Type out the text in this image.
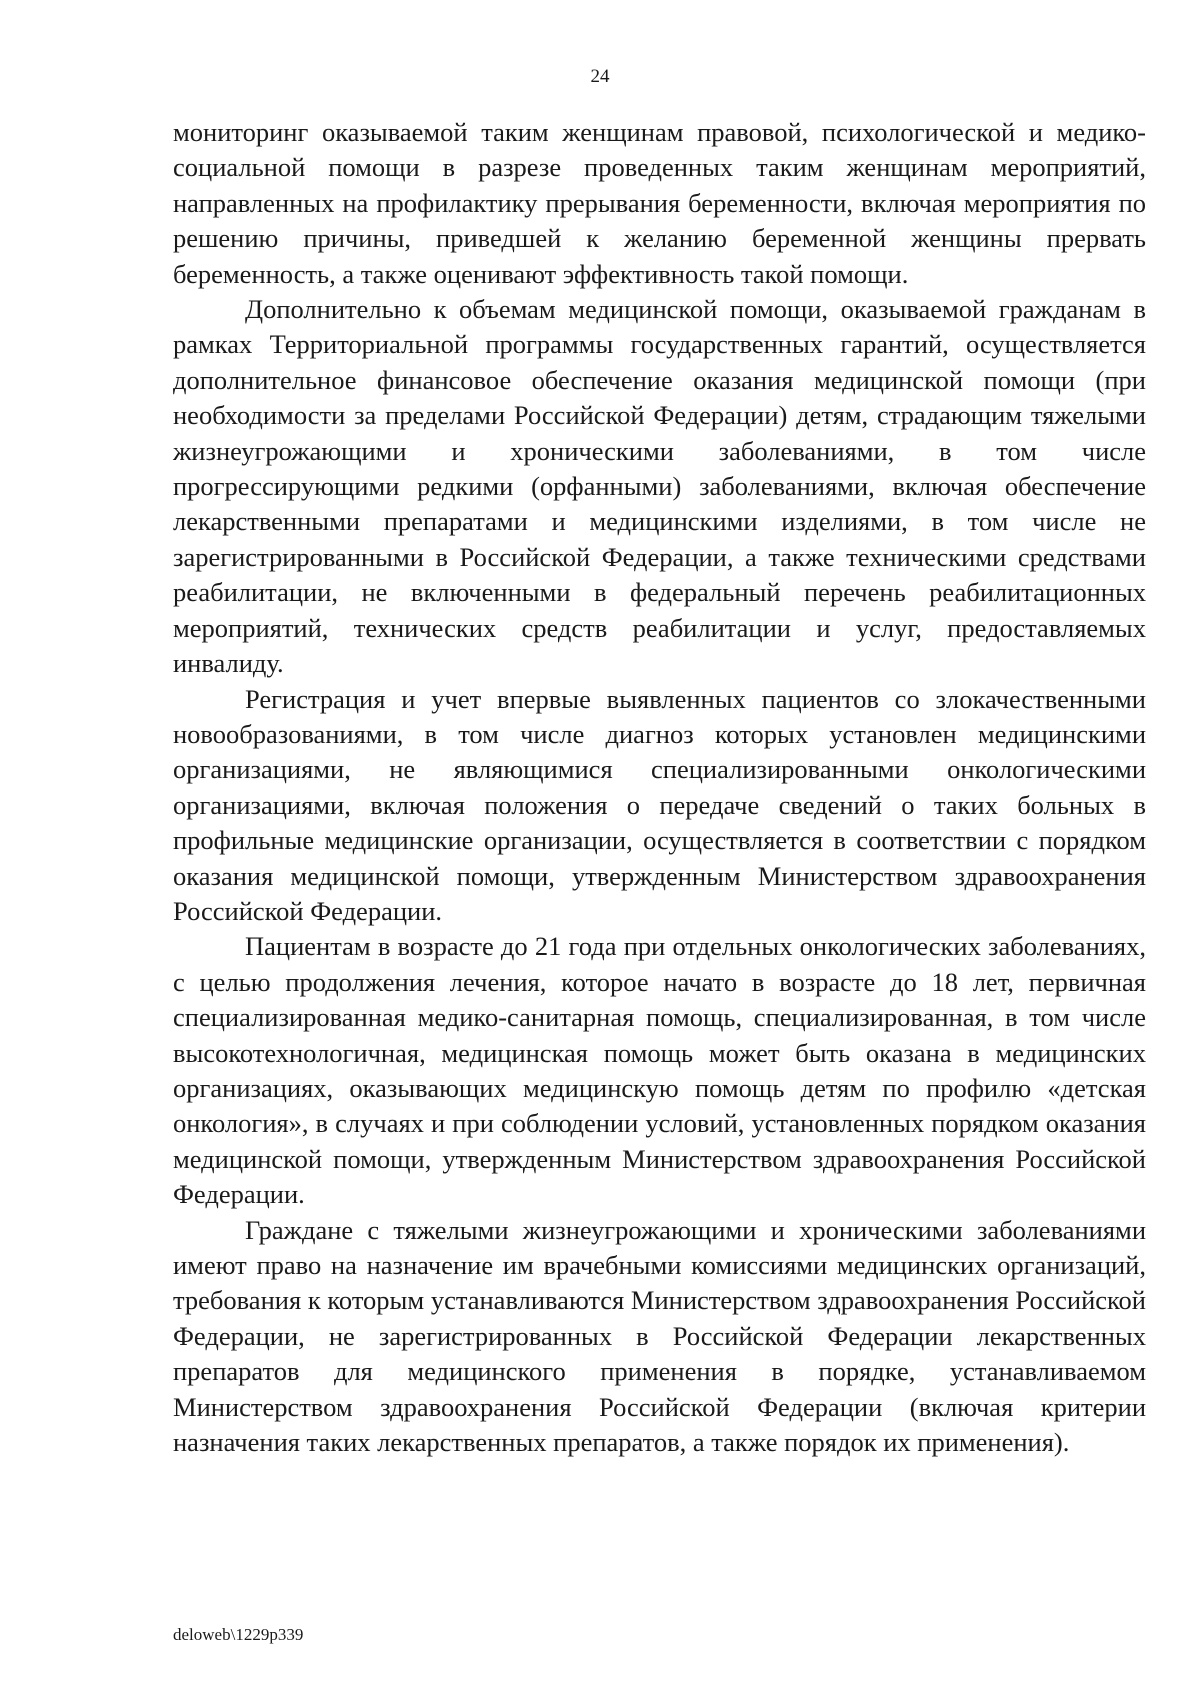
24

мониторинг оказываемой таким женщинам правовой, психологической и медико-социальной помощи в разрезе проведенных таким женщинам мероприятий, направленных на профилактику прерывания беременности, включая мероприятия по решению причины, приведшей к желанию беременной женщины прервать беременность, а также оценивают эффективность такой помощи.

Дополнительно к объемам медицинской помощи, оказываемой гражданам в рамках Территориальной программы государственных гарантий, осуществляется дополнительное финансовое обеспечение оказания медицинской помощи (при необходимости за пределами Российской Федерации) детям, страдающим тяжелыми жизнеугрожающими и хроническими заболеваниями, в том числе прогрессирующими редкими (орфанными) заболеваниями, включая обеспечение лекарственными препаратами и медицинскими изделиями, в том числе не зарегистрированными в Российской Федерации, а также техническими средствами реабилитации, не включенными в федеральный перечень реабилитационных мероприятий, технических средств реабилитации и услуг, предоставляемых инвалиду.

Регистрация и учет впервые выявленных пациентов со злокачественными новообразованиями, в том числе диагноз которых установлен медицинскими организациями, не являющимися специализированными онкологическими организациями, включая положения о передаче сведений о таких больных в профильные медицинские организации, осуществляется в соответствии с порядком оказания медицинской помощи, утвержденным Министерством здравоохранения Российской Федерации.

Пациентам в возрасте до 21 года при отдельных онкологических заболеваниях, с целью продолжения лечения, которое начато в возрасте до 18 лет, первичная специализированная медико-санитарная помощь, специализированная, в том числе высокотехнологичная, медицинская помощь может быть оказана в медицинских организациях, оказывающих медицинскую помощь детям по профилю «детская онкология», в случаях и при соблюдении условий, установленных порядком оказания медицинской помощи, утвержденным Министерством здравоохранения Российской Федерации.

Граждане с тяжелыми жизнеугрожающими и хроническими заболеваниями имеют право на назначение им врачебными комиссиями медицинских организаций, требования к которым устанавливаются Министерством здравоохранения Российской Федерации, не зарегистрированных в Российской Федерации лекарственных препаратов для медицинского применения в порядке, устанавливаемом Министерством здравоохранения Российской Федерации (включая критерии назначения таких лекарственных препаратов, а также порядок их применения).

deloweb\1229p339
